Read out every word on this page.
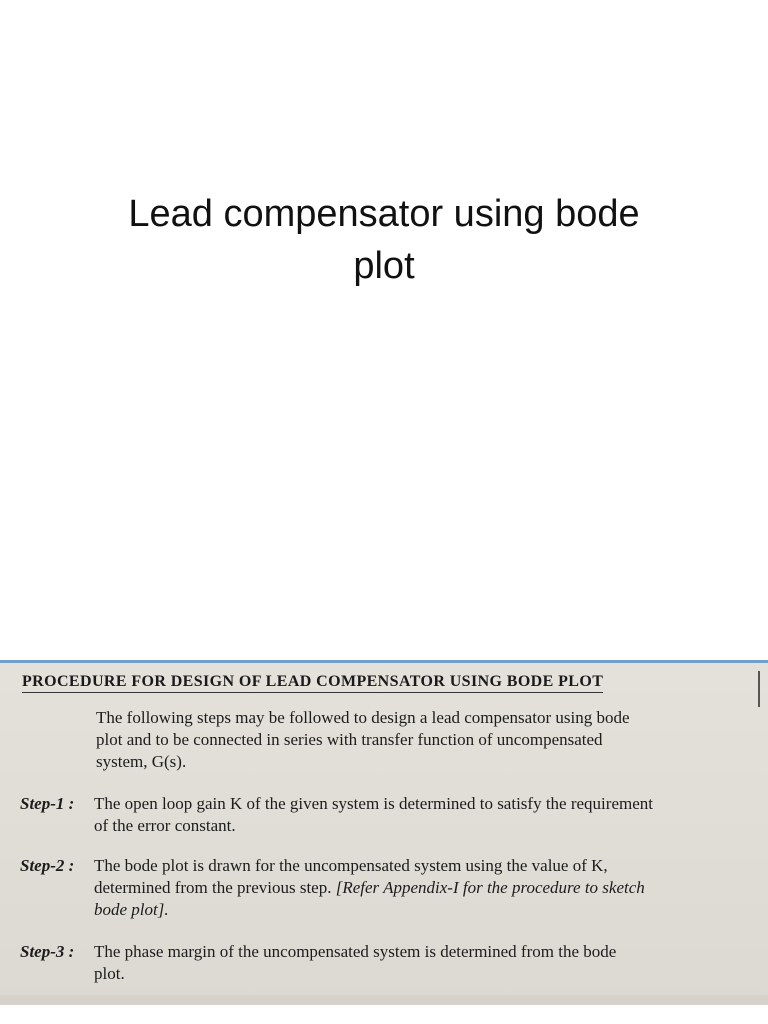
Lead compensator using bode
plot
PROCEDURE FOR DESIGN OF LEAD COMPENSATOR USING BODE PLOT
The following steps may be followed to design a lead compensator using bode
plot and to be connected in series with transfer function of uncompensated
system, G(s).
Step-1 : The open loop gain K of the given system is determined to satisfy the requirement
of the error constant.
Step-2 : The bode plot is drawn for the uncompensated system using the value of K,
determined from the previous step. [Refer Appendix-I for the procedure to sketch
bode plot].
Step-3 : The phase margin of the uncompensated system is determined from the bode
plot.
